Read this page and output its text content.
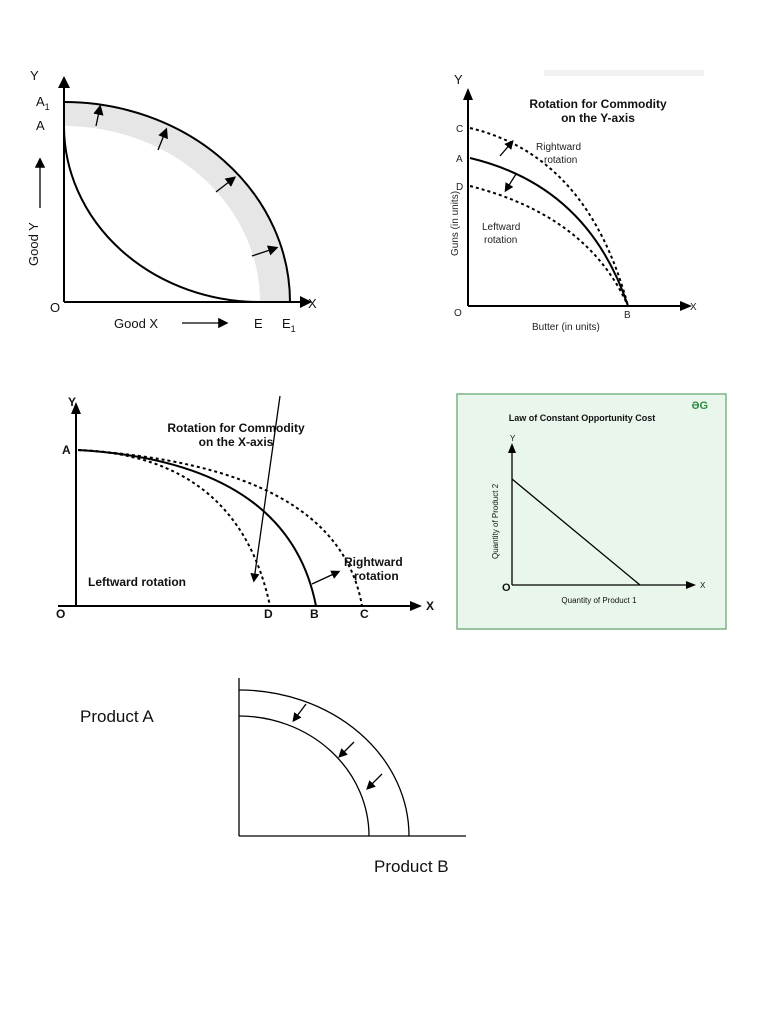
Y
$A_1$
A
Good Y
O	X
Good X	E $E_1$
Rotation for Commodity
on the Y-axis
Y
C
A
D
Guns (in units)
O	B
X
Butter (in units)
Rightward
rotation
Leftward
rotation
Rotation for Commodity
on the X-axis
Y
A
O	D	B	C
X
Leftward rotation
Rightward
rotation
ƏG
Law of Constant Opportunity Cost
Y
X
O
Quantity of Product 2
Quantity of Product 1
Product A
Product B
